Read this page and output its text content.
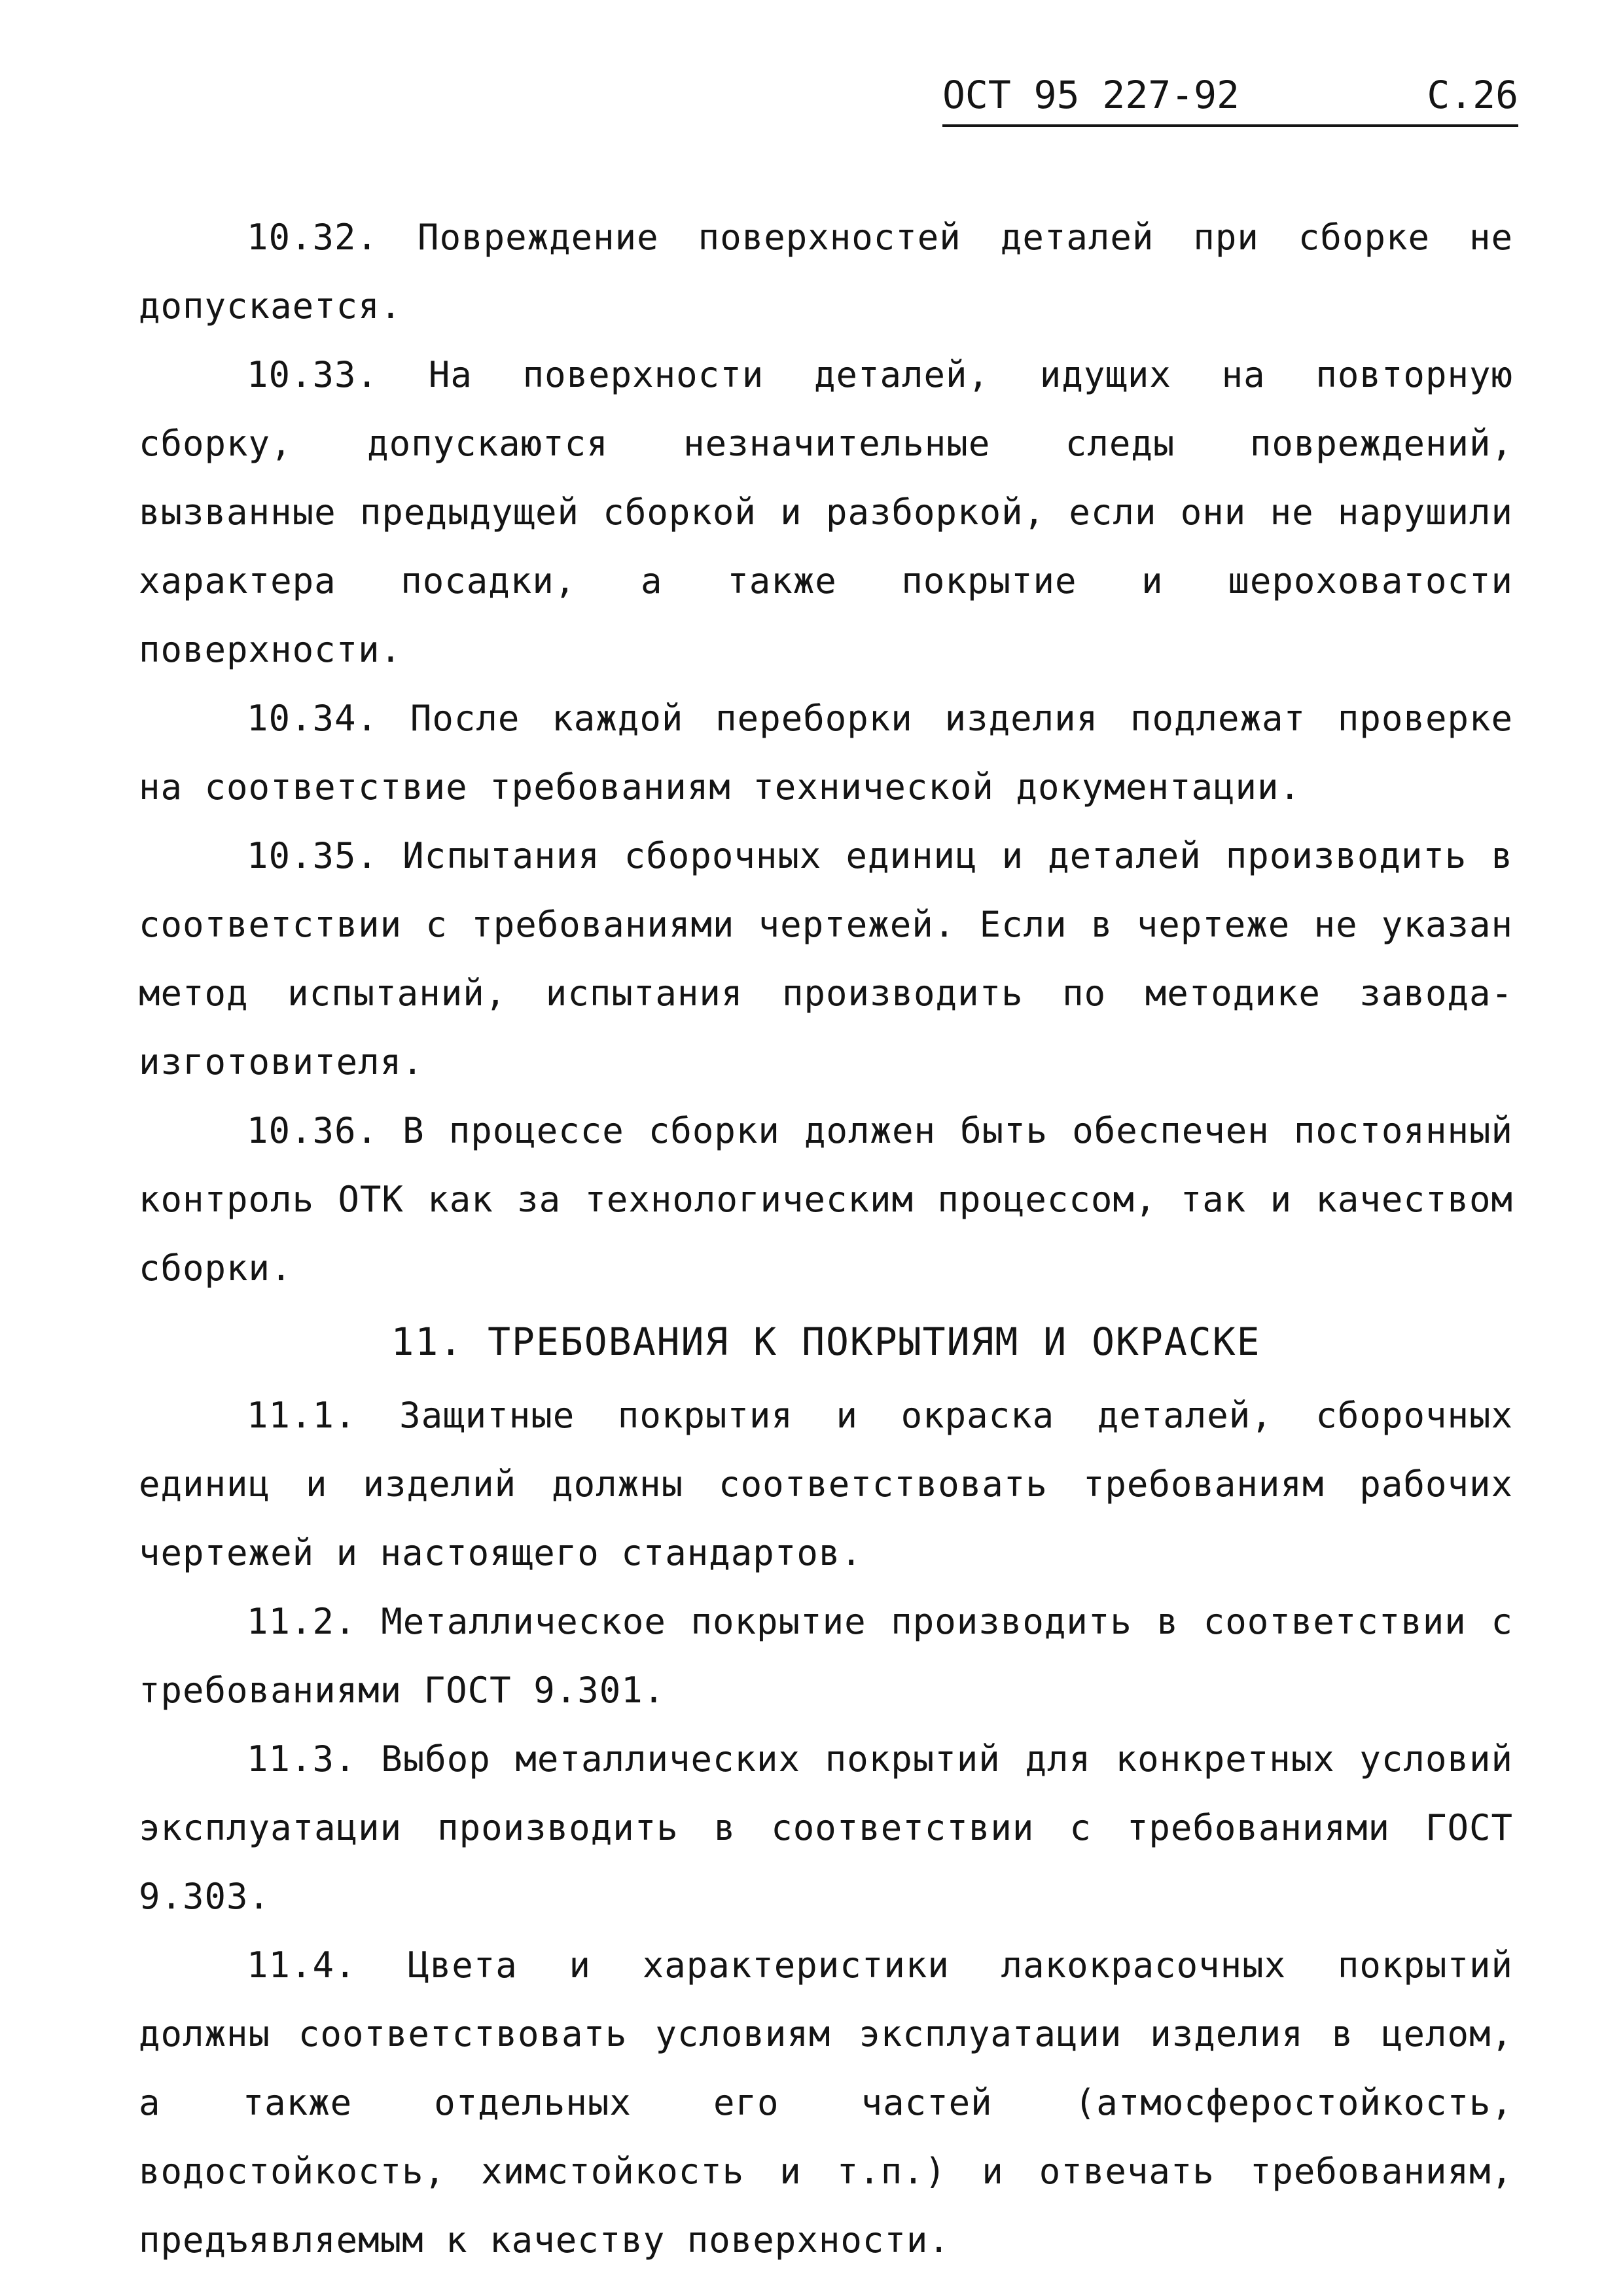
ОСТ 95 227-92	С.26

10.32. Повреждение поверхностей деталей при сборке не допускается.

10.33. На поверхности деталей, идущих на повторную сборку, допускаются незначительные следы повреждений, вызванные предыдущей сборкой и разборкой, если они не нарушили характера посадки, а также покрытие и шероховатости поверхности.

10.34. После каждой переборки изделия подлежат проверке на соответствие требованиям технической документации.

10.35. Испытания сборочных единиц и деталей производить в соответствии с требованиями чертежей. Если в чертеже не указан метод испытаний, испытания производить по методике завода-изготовителя.

10.36. В процессе сборки должен быть обеспечен постоянный контроль ОТК как за технологическим процессом, так и качеством сборки.

11. ТРЕБОВАНИЯ К ПОКРЫТИЯМ И ОКРАСКЕ

11.1. Защитные покрытия и окраска деталей, сборочных единиц и изделий должны соответствовать требованиям рабочих чертежей и настоящего стандартов.

11.2. Металлическое покрытие производить в соответствии с требованиями ГОСТ 9.301.

11.3. Выбор металлических покрытий для конкретных условий эксплуатации производить в соответствии с требованиями ГОСТ 9.303.

11.4. Цвета и характеристики лакокрасочных покрытий должны соответствовать условиям эксплуатации изделия в целом, а также отдельных его частей (атмосферостойкость, водостойкость, химстойкость и т.п.) и отвечать требованиям, предъявляемым к качеству поверхности.
